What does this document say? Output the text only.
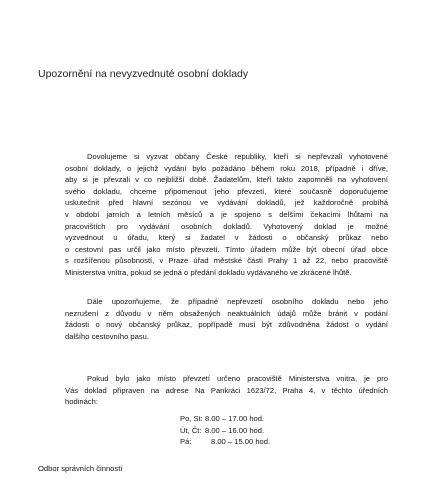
Upozornění na nevyzvednuté osobní doklady
Dovolujeme si vyzvat občany České republiky, kteří si nepřevzali vyhotovené
osobní doklady, o jejichž vydání bylo požádáno během roku 2018, případně i dříve,
aby si je převzali v co nejbližší době. Žadatelům, kteří takto zapomněli na vyhotovení
svého dokladu, chceme připomenout jeho převzetí, které současně doporučujeme
uskutečnit před hlavní sezónou ve vydávání dokladů, jež každoročně probíhá
v období jarních a letních měsíců a je spojeno s delšími čekacími lhůtami na
pracovištích pro vydávání osobních dokladů. Vyhotovený doklad je možné
vyzvednout u úřadu, který si žadatel v žádosti o občanský průkaz nebo
o cestovní pas určil jako místo převzetí. Tímto úřadem může být obecní úřad obce
s rozšířenou působností, v Praze úřad městské části Prahy 1 až 22, nebo pracoviště
Ministerstva vnitra, pokud se jedná o předání dokladu vydávaného ve zkrácené lhůtě.
Dále upozorňujeme, že případné nepřevzetí osobního dokladu nebo jeho
nezrušení z důvodu v něm obsažených neaktuálních údajů může bránit v podání
žádosti o nový občanský průkaz, popřípadě musí být zdůvodněna žádost o vydání
dalšího cestovního pasu.
Pokud bylo jako místo převzetí určeno pracoviště Ministerstva vnitra, je pro
Vás doklad připraven na adrese Na Pankráci 1623/72, Praha 4, v těchto úředních
hodinách:
Po, St: 8.00 – 17.00 hod.
Út, Čt: 8.00 – 16.00 hod.
Pá:	8.00 – 15.00 hod.
Odbor správních činností
